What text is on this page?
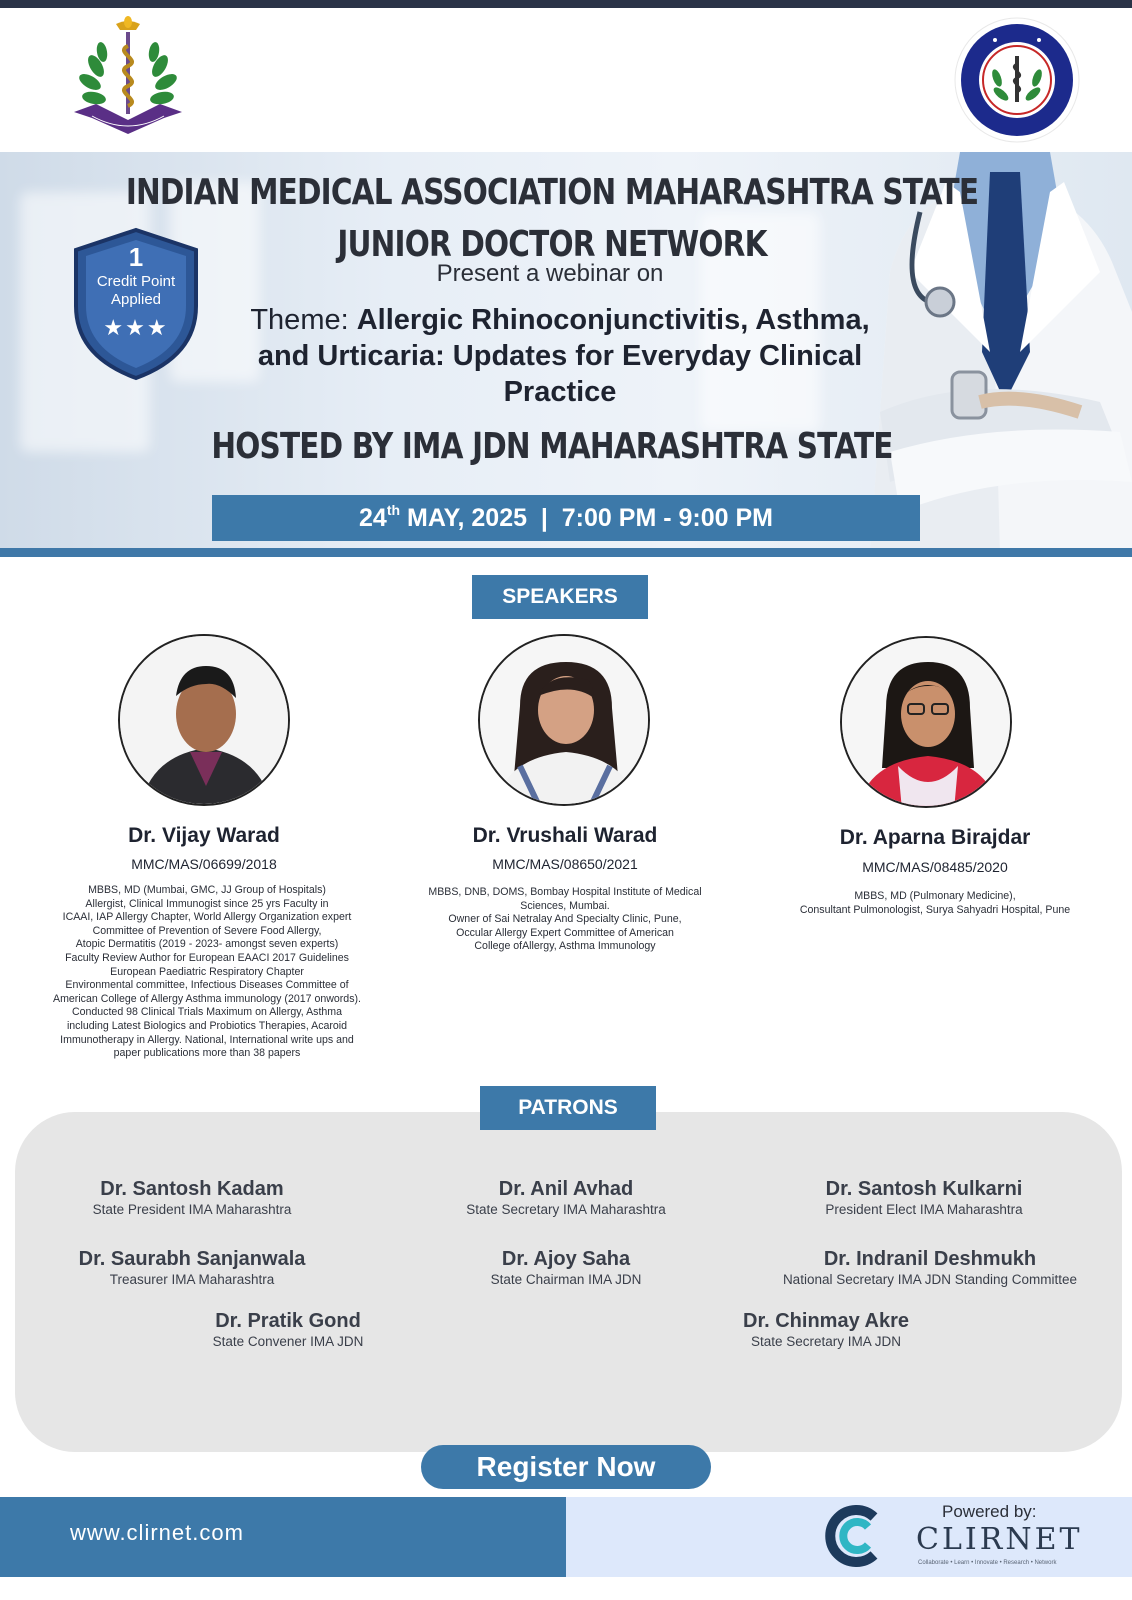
INDIAN MEDICAL ASSOCIATION MAHARASHTRA STATE
JUNIOR DOCTOR NETWORK
Present a webinar on
Theme: Allergic Rhinoconjunctivitis, Asthma, and Urticaria: Updates for Everyday Clinical Practice
HOSTED BY IMA JDN MAHARASHTRA STATE
24th MAY, 2025  |  7:00 PM - 9:00 PM
1
Credit Point
Applied
★★★
SPEAKERS
Dr. Vijay Warad
MMC/MAS/06699/2018
MBBS, MD (Mumbai, GMC, JJ Group of Hospitals)
Allergist, Clinical Immunogist since 25 yrs Faculty in
ICAAI, IAP Allergy Chapter, World Allergy Organization expert
Committee of Prevention of Severe Food Allergy,
Atopic Dermatitis (2019 - 2023- amongst seven experts)
Faculty Review Author for European EAACI 2017 Guidelines
European Paediatric Respiratory Chapter
Environmental committee, Infectious Diseases Committee of
American College of Allergy Asthma immunology (2017 onwords).
Conducted 98 Clinical Trials Maximum on Allergy, Asthma
including Latest Biologics and Probiotics Therapies, Acaroid
Immunotherapy in Allergy. National, International write ups and
paper publications more than 38 papers
Dr. Vrushali Warad
MMC/MAS/08650/2021
MBBS, DNB, DOMS, Bombay Hospital Institute of Medical
Sciences, Mumbai.
Owner of Sai Netralay And Specialty Clinic, Pune,
Occular Allergy Expert Committee of American
College ofAllergy, Asthma Immunology
Dr. Aparna Birajdar
MMC/MAS/08485/2020
MBBS, MD (Pulmonary Medicine),
Consultant Pulmonologist, Surya Sahyadri Hospital, Pune
PATRONS
Dr. Santosh Kadam
State President IMA Maharashtra
Dr. Anil Avhad
State Secretary IMA Maharashtra
Dr. Santosh Kulkarni
President Elect IMA Maharashtra
Dr. Saurabh Sanjanwala
Treasurer IMA Maharashtra
Dr. Ajoy Saha
State Chairman IMA JDN
Dr. Indranil Deshmukh
National Secretary IMA JDN Standing Committee
Dr. Pratik Gond
State Convener IMA JDN
Dr. Chinmay Akre
State Secretary IMA JDN
Register Now
www.clirnet.com
Powered by:
CLIRNET
Collaborate • Learn • Innovate • Research • Network
